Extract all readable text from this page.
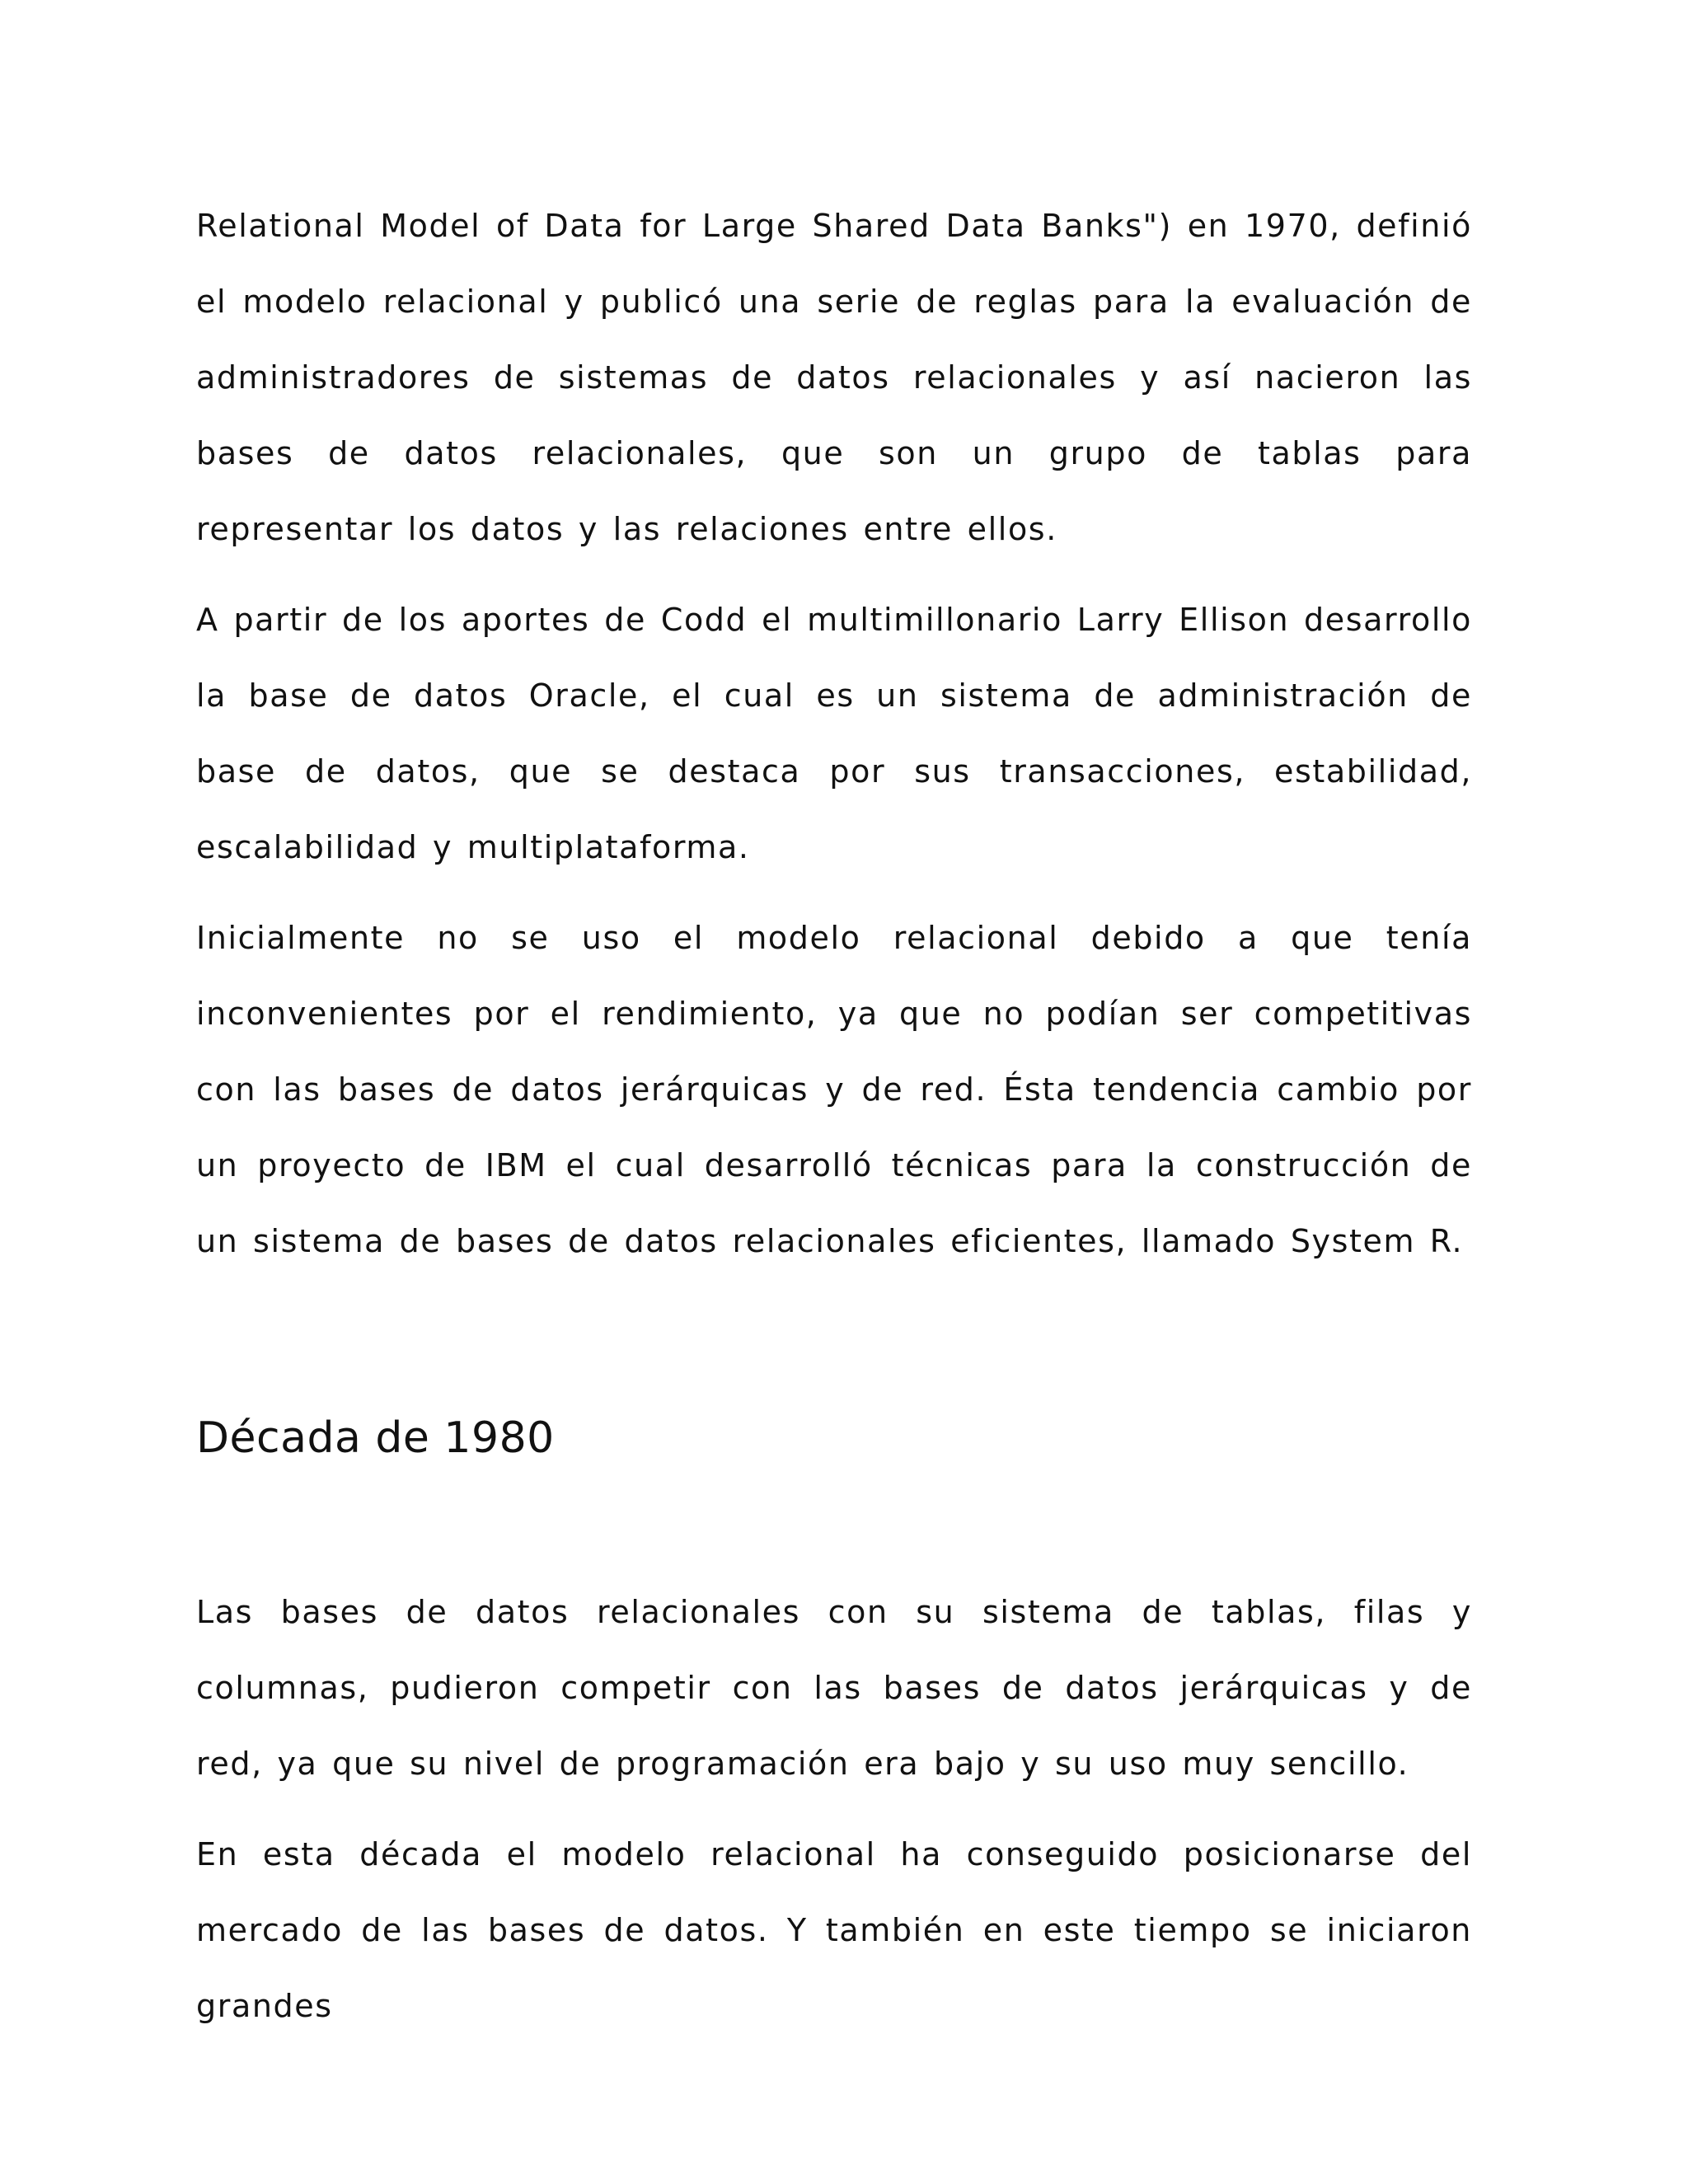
Relational Model of Data for Large Shared Data Banks") en 1970, definió el modelo relacional y publicó una serie de reglas para la evaluación de administradores de sistemas de datos relacionales y así nacieron las bases de datos relacionales, que son un grupo de tablas para representar los datos y las relaciones entre ellos.

A partir de los aportes de Codd el multimillonario Larry Ellison desarrollo la base de datos Oracle, el cual es un sistema de administración de base de datos, que se destaca por sus transacciones, estabilidad, escalabilidad y multiplataforma.

Inicialmente no se uso el modelo relacional debido a que tenía inconvenientes por el rendimiento, ya que no podían ser competitivas con las bases de datos jerárquicas y de red. Ésta tendencia cambio por un proyecto de IBM el cual desarrolló técnicas para la construcción de un sistema de bases de datos relacionales eficientes, llamado System R.

Década de 1980

Las bases de datos relacionales con su sistema de tablas, filas y columnas, pudieron competir con las bases de datos jerárquicas y de red, ya que su nivel de programación era bajo y su uso muy sencillo.

En esta década el modelo relacional ha conseguido posicionarse del mercado de las bases de datos. Y también en este tiempo se iniciaron grandes
